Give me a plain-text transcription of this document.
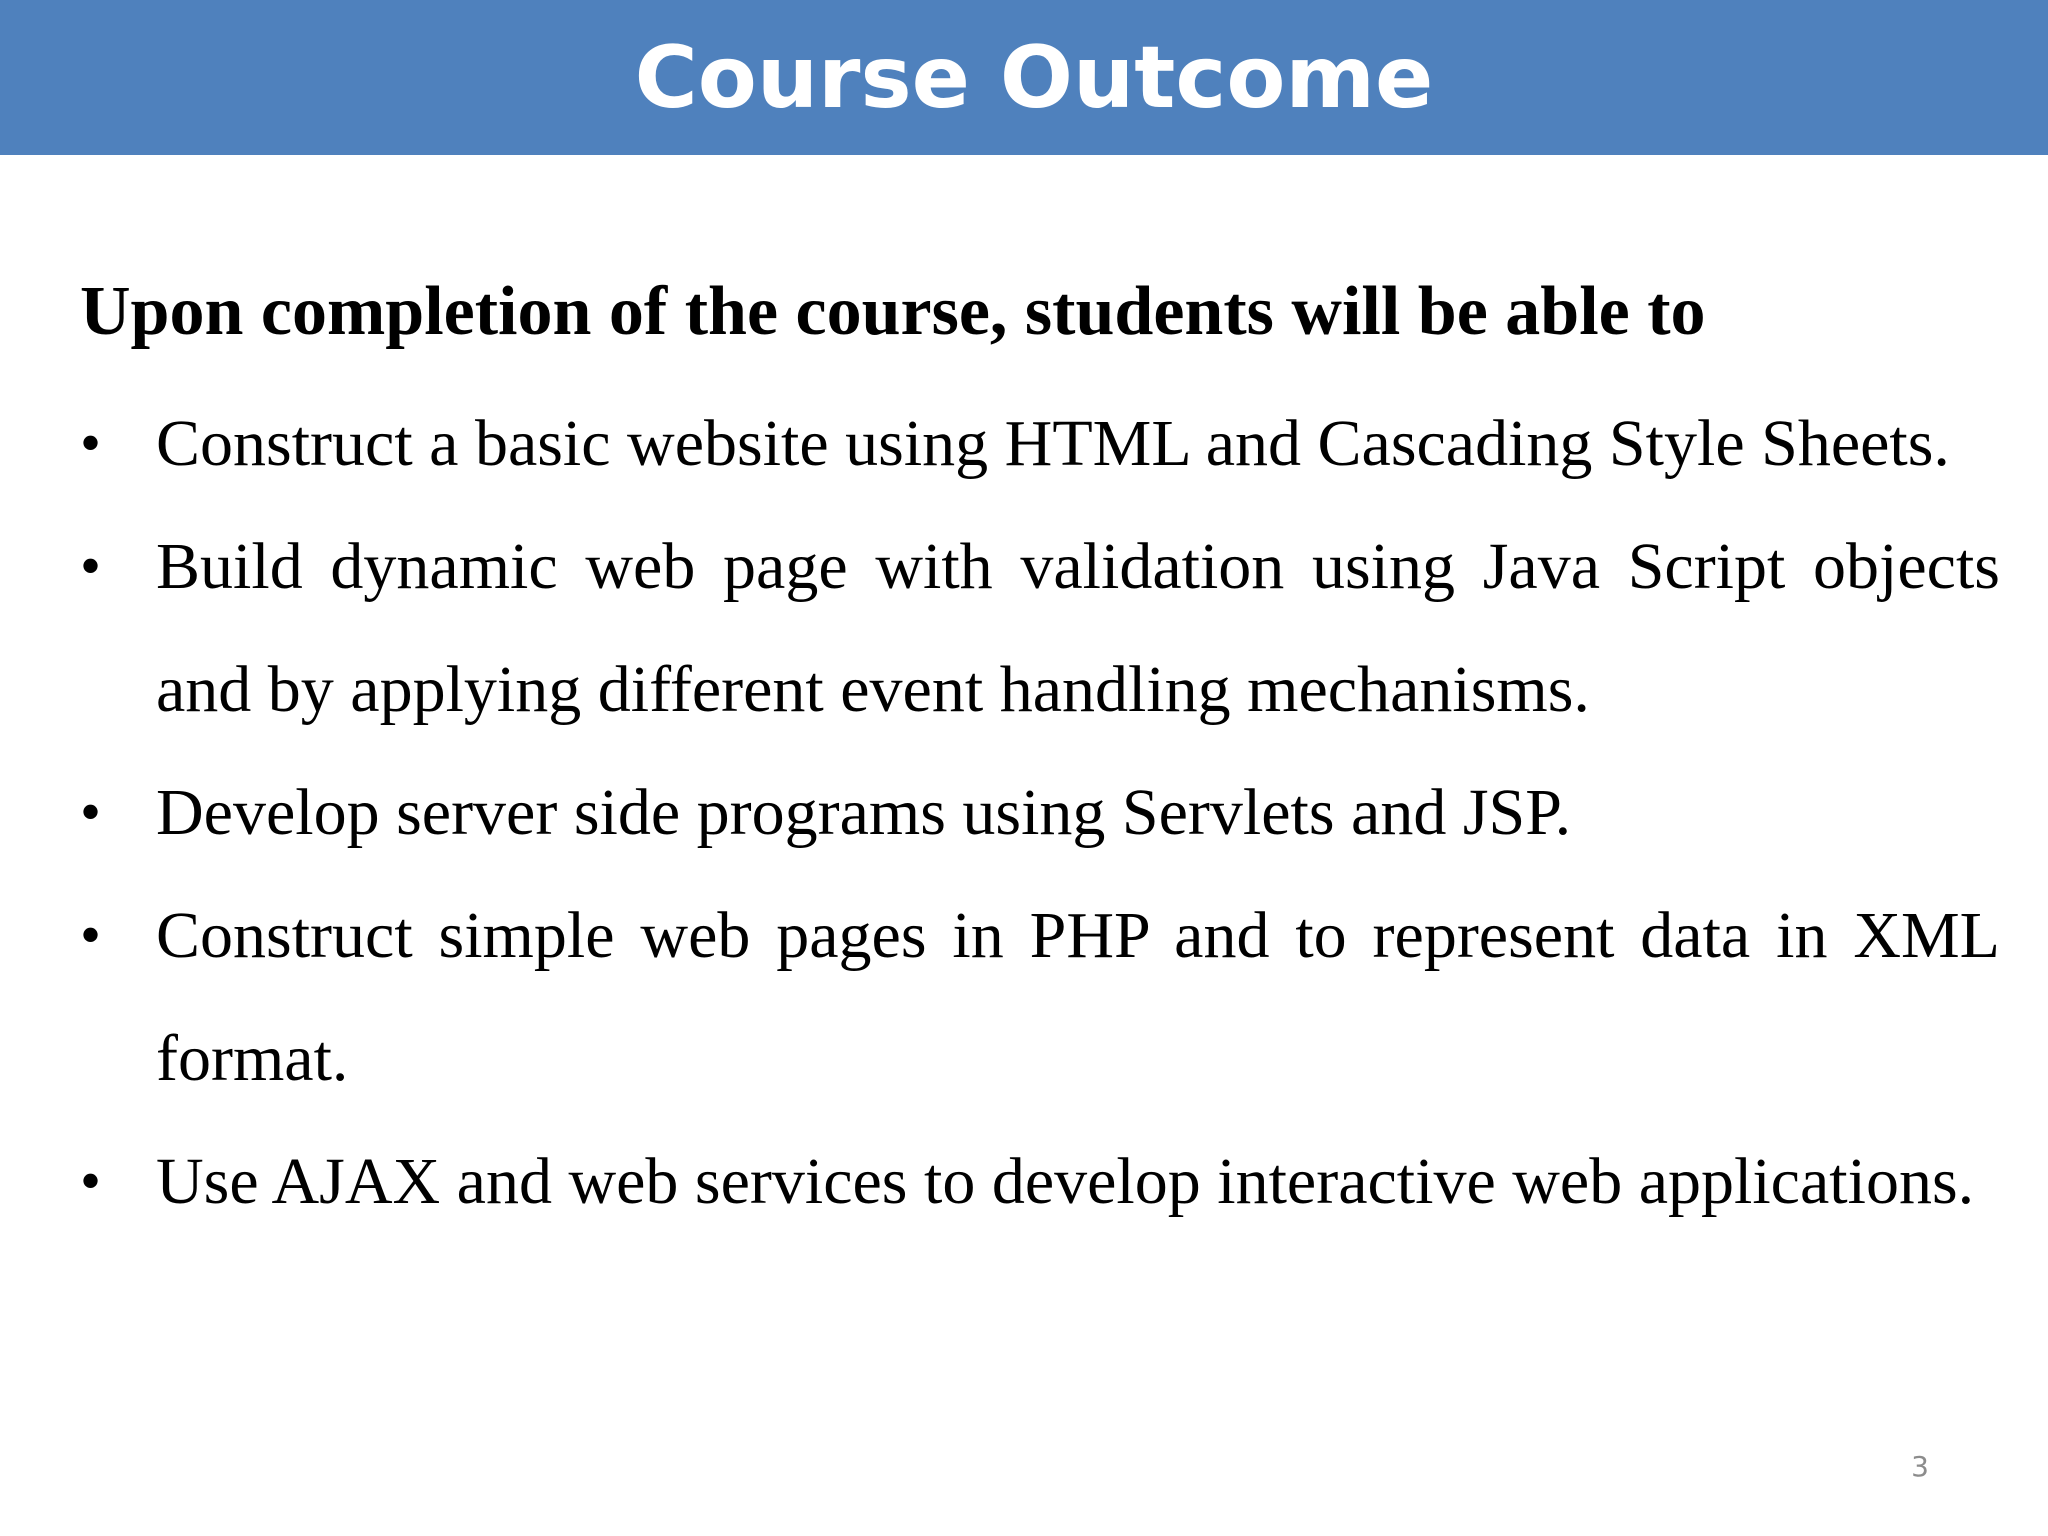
Course Outcome

Upon completion of the course, students will be able to

• Construct a basic website using HTML and Cascading Style Sheets.
• Build dynamic web page with validation using Java Script objects and by applying different event handling mechanisms.
• Develop server side programs using Servlets and JSP.
• Construct simple web pages in PHP and to represent data in XML format.
• Use AJAX and web services to develop interactive web applications.
3
